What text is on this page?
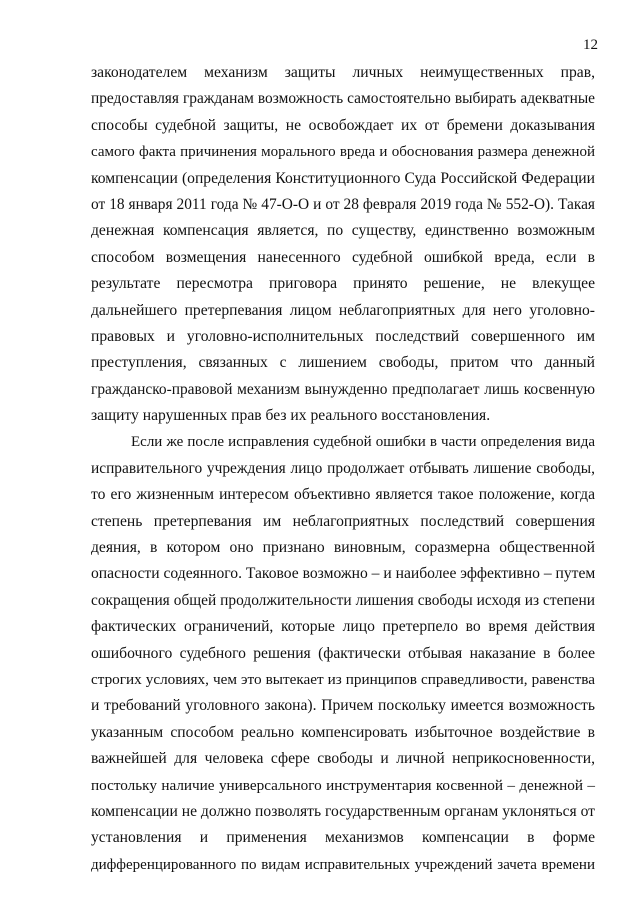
12
законодателем механизм защиты личных неимущественных прав,
предоставляя гражданам возможность самостоятельно выбирать адекватные
способы судебной защиты, не освобождает их от бремени доказывания
самого факта причинения морального вреда и обоснования размера денежной
компенсации (определения Конституционного Суда Российской Федерации
от 18 января 2011 года № 47-О-О и от 28 февраля 2019 года № 552-О). Такая
денежная компенсация является, по существу, единственно возможным
способом возмещения нанесенного судебной ошибкой вреда, если в
результате пересмотра приговора принято решение, не влекущее
дальнейшего претерпевания лицом неблагоприятных для него уголовно-
правовых и уголовно-исполнительных последствий совершенного им
преступления, связанных с лишением свободы, притом что данный
гражданско-правовой механизм вынужденно предполагает лишь косвенную
защиту нарушенных прав без их реального восстановления.
Если же после исправления судебной ошибки в части определения вида
исправительного учреждения лицо продолжает отбывать лишение свободы,
то его жизненным интересом объективно является такое положение, когда
степень претерпевания им неблагоприятных последствий совершения
деяния, в котором оно признано виновным, соразмерна общественной
опасности содеянного. Таковое возможно – и наиболее эффективно – путем
сокращения общей продолжительности лишения свободы исходя из степени
фактических ограничений, которые лицо претерпело во время действия
ошибочного судебного решения (фактически отбывая наказание в более
строгих условиях, чем это вытекает из принципов справедливости, равенства
и требований уголовного закона). Причем поскольку имеется возможность
указанным способом реально компенсировать избыточное воздействие в
важнейшей для человека сфере свободы и личной неприкосновенности,
постольку наличие универсального инструментария косвенной – денежной –
компенсации не должно позволять государственным органам уклоняться от
установления и применения механизмов компенсации в форме
дифференцированного по видам исправительных учреждений зачета времени
